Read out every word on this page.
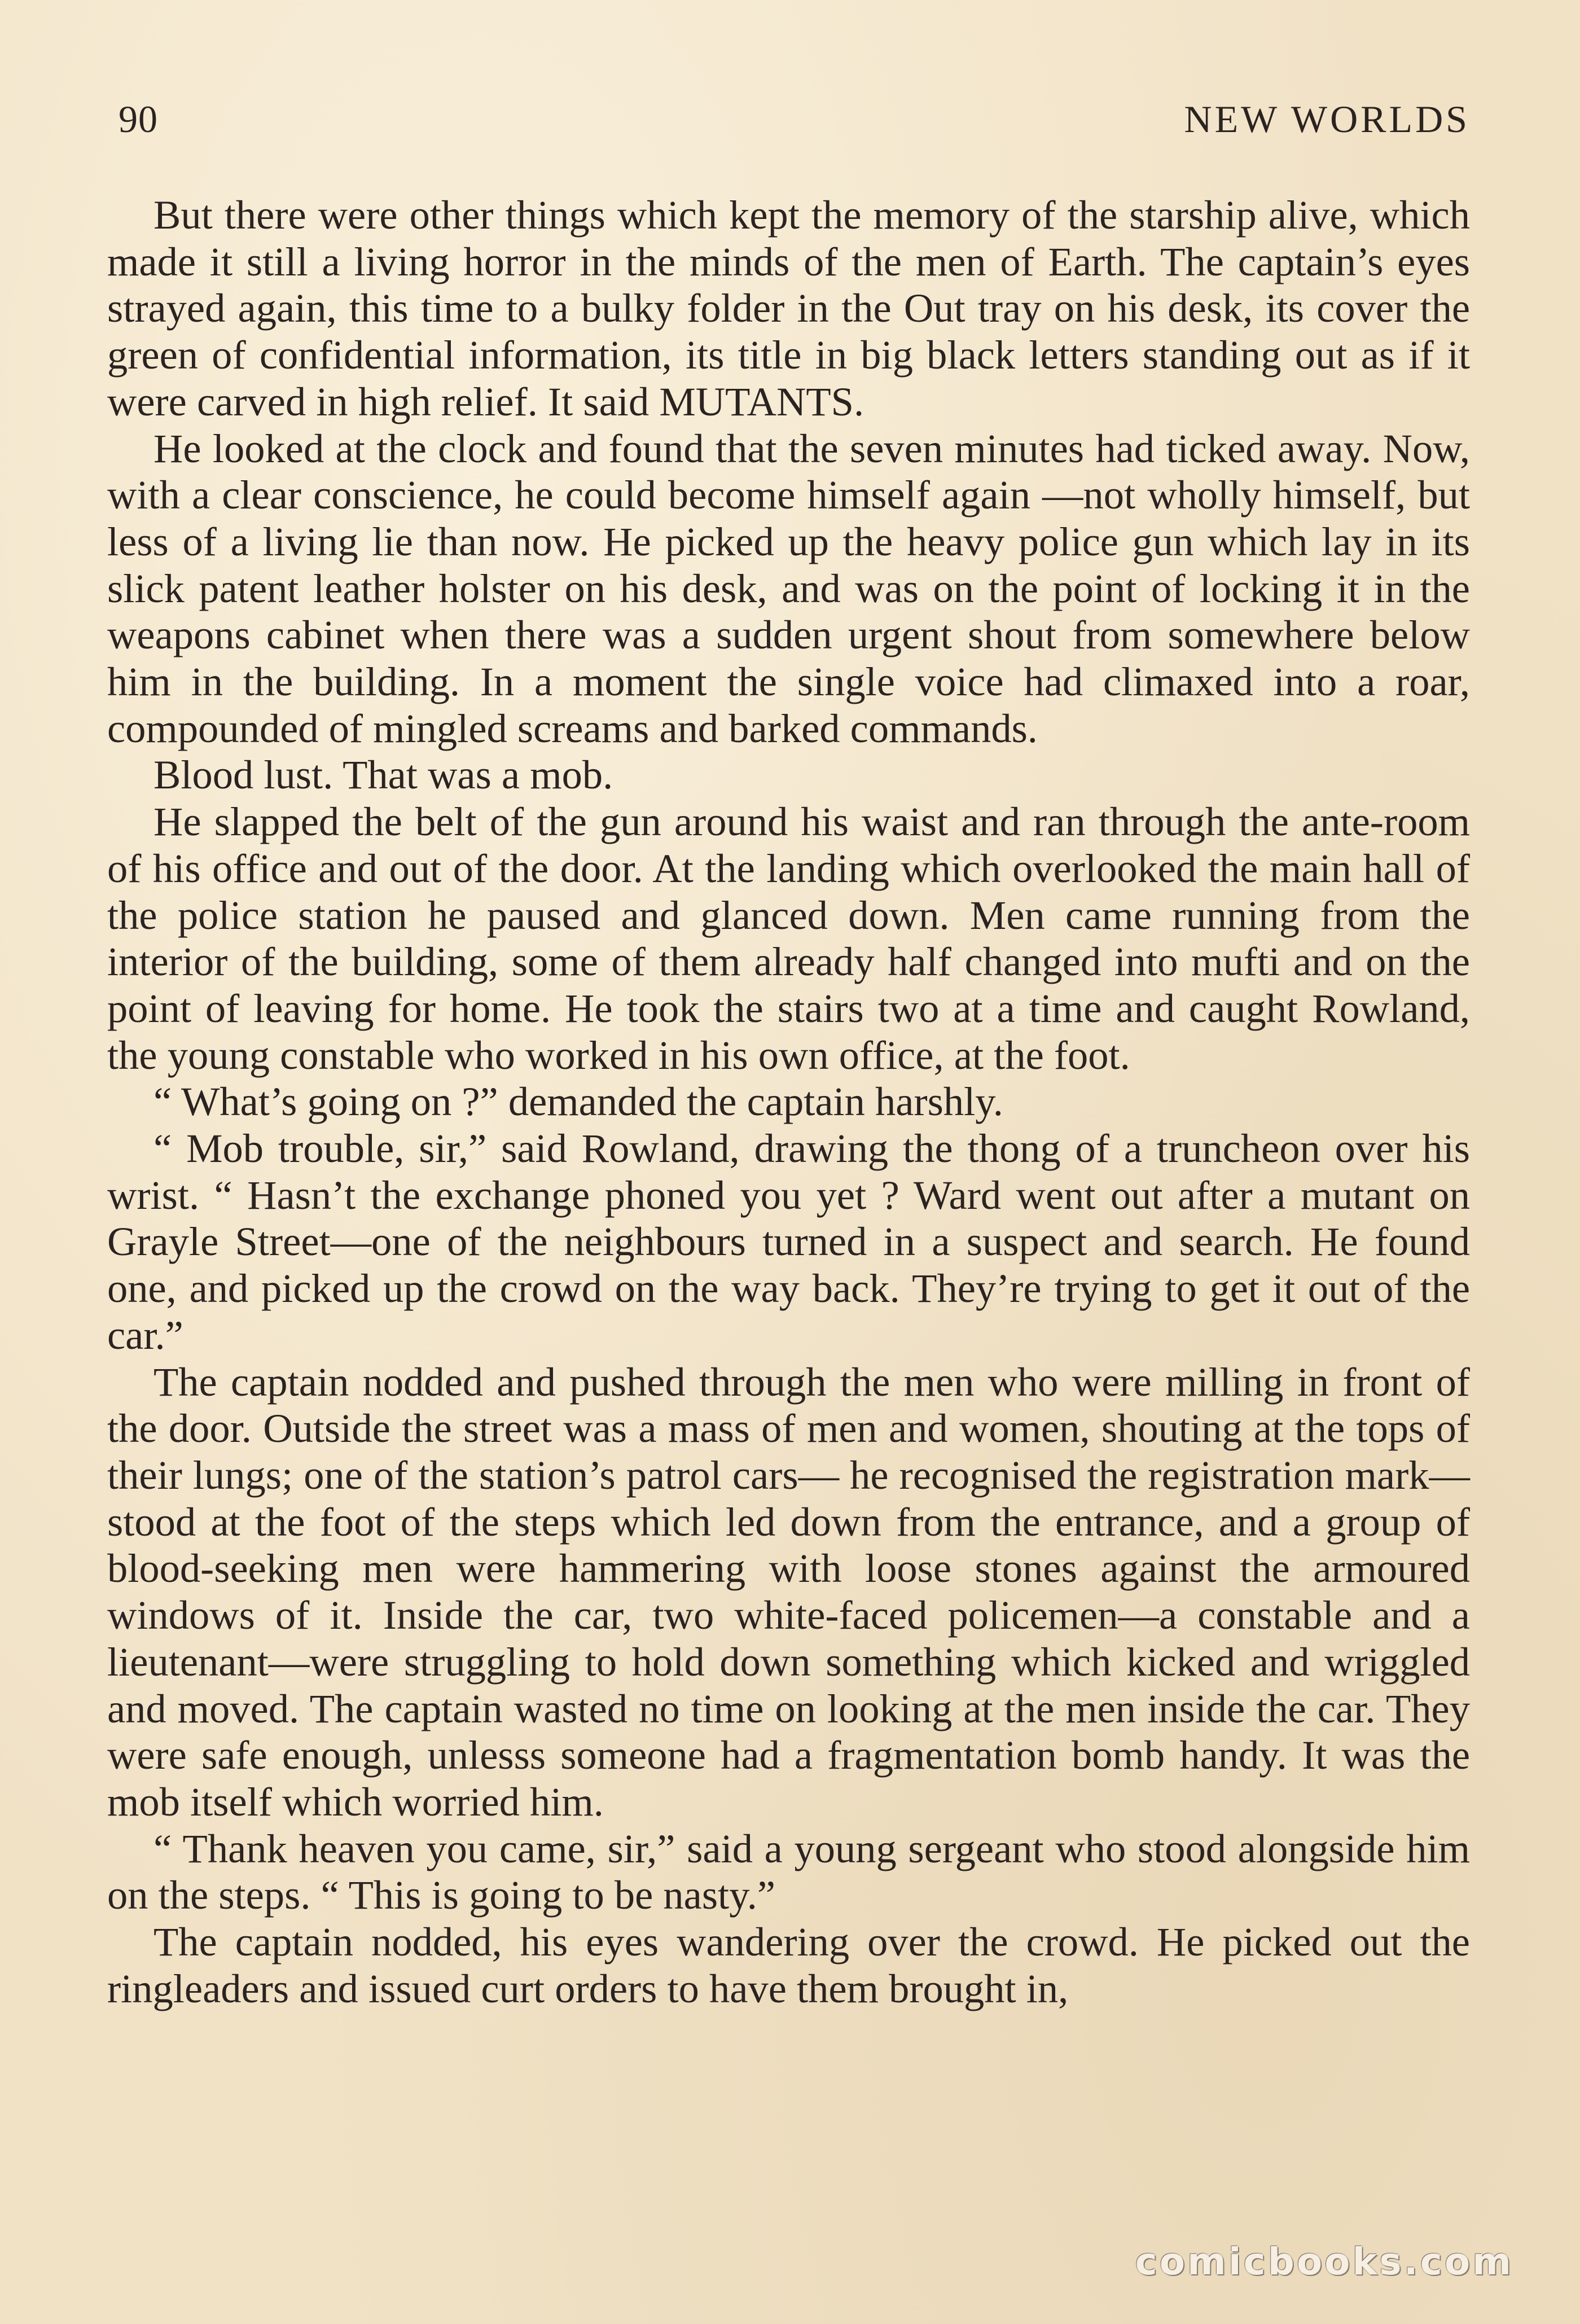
90	NEW WORLDS

But there were other things which kept the memory of the starship alive, which made it still a living horror in the minds of the men of Earth. The captain’s eyes strayed again, this time to a bulky folder in the Out tray on his desk, its cover the green of confidential information, its title in big black letters standing out as if it were carved in high relief. It said MUTANTS.

He looked at the clock and found that the seven minutes had ticked away. Now, with a clear conscience, he could become himself again —not wholly himself, but less of a living lie than now. He picked up the heavy police gun which lay in its slick patent leather holster on his desk, and was on the point of locking it in the weapons cabinet when there was a sudden urgent shout from somewhere below him in the building. In a moment the single voice had climaxed into a roar, compounded of mingled screams and barked commands.

Blood lust. That was a mob.

He slapped the belt of the gun around his waist and ran through the ante-room of his office and out of the door. At the landing which overlooked the main hall of the police station he paused and glanced down. Men came running from the interior of the building, some of them already half changed into mufti and on the point of leaving for home. He took the stairs two at a time and caught Rowland, the young constable who worked in his own office, at the foot.

“ What’s going on ?” demanded the captain harshly.

“ Mob trouble, sir,” said Rowland, drawing the thong of a truncheon over his wrist. “ Hasn’t the exchange phoned you yet ? Ward went out after a mutant on Grayle Street—one of the neighbours turned in a suspect and search. He found one, and picked up the crowd on the way back. They’re trying to get it out of the car.”

The captain nodded and pushed through the men who were milling in front of the door. Outside the street was a mass of men and women, shouting at the tops of their lungs; one of the station’s patrol cars— he recognised the registration mark—stood at the foot of the steps which led down from the entrance, and a group of blood-seeking men were hammering with loose stones against the armoured windows of it. Inside the car, two white-faced policemen—a constable and a lieutenant—were struggling to hold down something which kicked and wriggled and moved. The captain wasted no time on looking at the men inside the car. They were safe enough, unlesss someone had a fragmentation bomb handy. It was the mob itself which worried him.

“ Thank heaven you came, sir,” said a young sergeant who stood alongside him on the steps. “ This is going to be nasty.”

The captain nodded, his eyes wandering over the crowd. He picked out the ringleaders and issued curt orders to have them brought in,

comicbooks.com
